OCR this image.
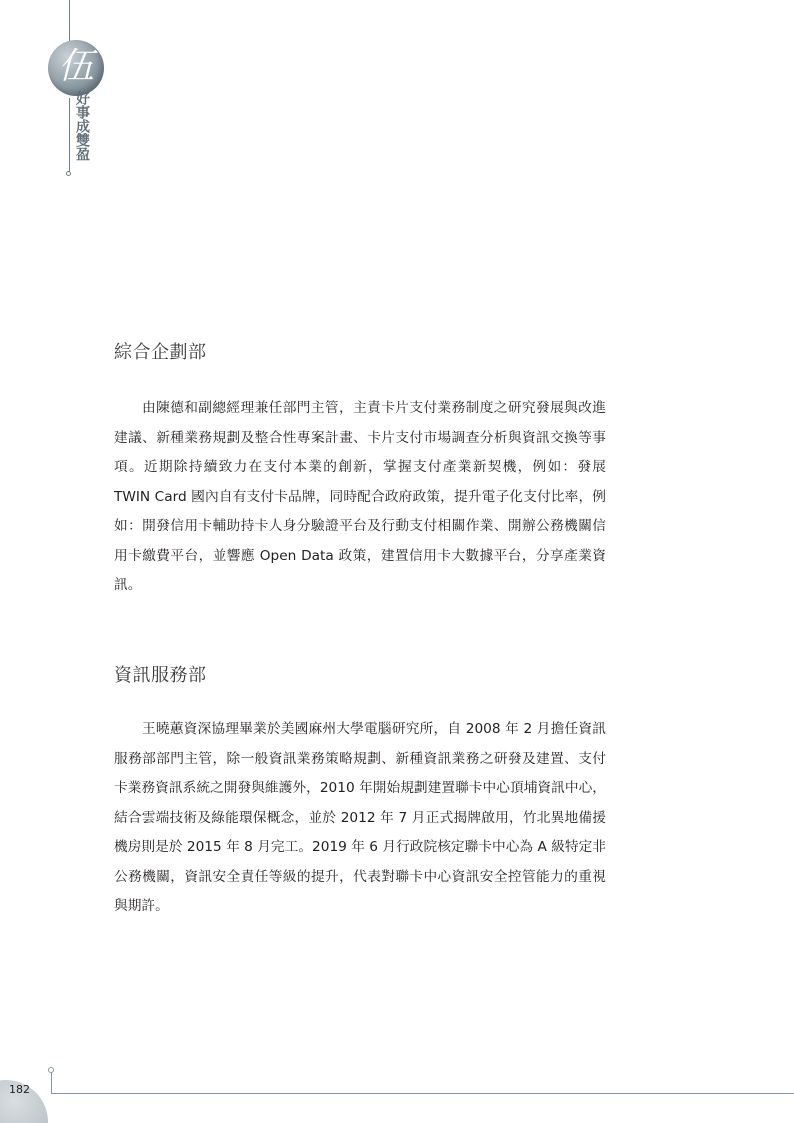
伍
好事成雙盈
綜合企劃部

由陳德和副總經理兼任部門主管，主責卡片支付業務制度之研究發展與改進建議、新種業務規劃及整合性專案計畫、卡片支付市場調查分析與資訊交換等事項。近期除持續致力在支付本業的創新，掌握支付產業新契機，例如：發展 TWIN Card 國內自有支付卡品牌，同時配合政府政策，提升電子化支付比率，例如：開發信用卡輔助持卡人身分驗證平台及行動支付相關作業、開辦公務機關信用卡繳費平台，並響應 Open Data 政策，建置信用卡大數據平台，分享產業資訊。

資訊服務部

王曉蕙資深協理畢業於美國麻州大學電腦研究所，自 2008 年 2 月擔任資訊服務部部門主管，除一般資訊業務策略規劃、新種資訊業務之研發及建置、支付卡業務資訊系統之開發與維護外，2010 年開始規劃建置聯卡中心頂埔資訊中心，結合雲端技術及綠能環保概念，並於 2012 年 7 月正式揭牌啟用，竹北異地備援機房則是於 2015 年 8 月完工。2019 年 6 月行政院核定聯卡中心為 A 級特定非公務機關，資訊安全責任等級的提升，代表對聯卡中心資訊安全控管能力的重視與期許。

182
